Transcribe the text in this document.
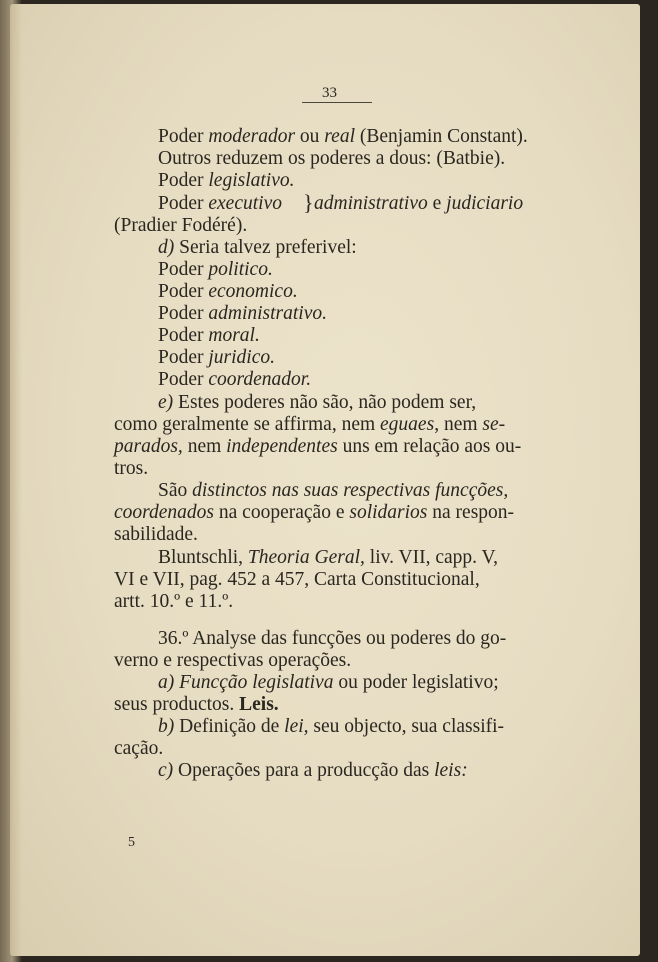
33
Poder moderador ou real (Benjamin Constant).
Outros reduzem os poderes a dous: (Batbie).
Poder legislativo.
Poder executivo } administrativo e judiciario
(Pradier Fodéré).
d) Seria talvez preferivel:
Poder politico.
Poder economico.
Poder administrativo.
Poder moral.
Poder juridico.
Poder coordenador.
e) Estes poderes não são, não podem ser,
como geralmente se affirma, nem eguaes, nem se-
parados, nem independentes uns em relação aos ou-
tros.
São distinctos nas suas respectivas funcções,
coordenados na cooperação e solidarios na respon-
sabilidade.
Bluntschli, Theoria Geral, liv. VII, capp. V,
VI e VII, pag. 452 a 457, Carta Constitucional,
artt. 10.º e 11.º.
36.º Analyse das funcções ou poderes do go-
verno e respectivas operações.
a) Funcção legislativa ou poder legislativo;
seus productos. Leis.
b) Definição de lei, seu objecto, sua classifi-
cação.
c) Operações para a producção das leis:
5
